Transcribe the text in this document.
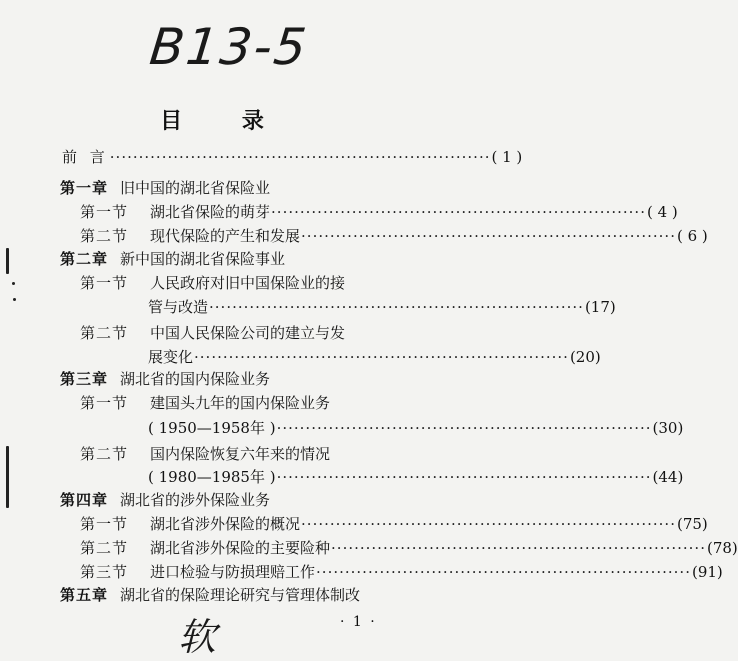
B13-5
目 录
前 言 ·································································· ( 1 )
第一章 旧中国的湖北省保险业
第一节 湖北省保险的萌芽 ································································· ( 4 )
第二节 现代保险的产生和发展 ································································· ( 6 )
第二章 新中国的湖北省保险事业
第一节 人民政府对旧中国保险业的接
管与改造 ································································· (17)
第二节 中国人民保险公司的建立与发
展变化 ································································· (20)
第三章 湖北省的国内保险业务
第一节 建国头九年的国内保险业务
( 1950—1958年 ) ································································· (30)
第二节 国内保险恢复六年来的情况
( 1980—1985年 ) ································································· (44)
第四章 湖北省的涉外保险业务
第一节 湖北省涉外保险的概况 ································································· (75)
第二节 湖北省涉外保险的主要险种 ································································· (78)
第三节 进口检验与防损理赔工作 ································································· (91)
第五章 湖北省的保险理论研究与管理体制改
软	· 1 ·
